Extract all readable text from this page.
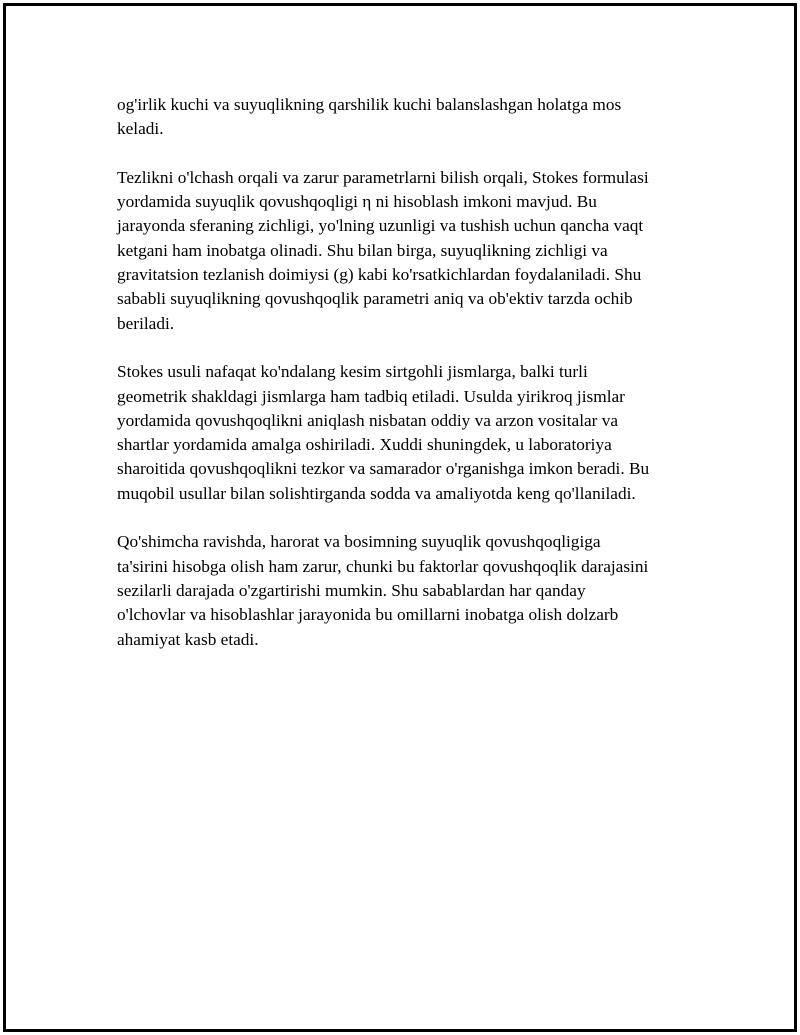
og'irlik kuchi va suyuqlikning qarshilik kuchi balanslashgan holatga mos
keladi.

Tezlikni o'lchash orqali va zarur parametrlarni bilish orqali, Stokes formulasi
yordamida suyuqlik qovushqoqligi η ni hisoblash imkoni mavjud. Bu
jarayonda sferaning zichligi, yo'lning uzunligi va tushish uchun qancha vaqt
ketgani ham inobatga olinadi. Shu bilan birga, suyuqlikning zichligi va
gravitatsion tezlanish doimiysi (g) kabi ko'rsatkichlardan foydalaniladi. Shu
sababli suyuqlikning qovushqoqlik parametri aniq va ob'ektiv tarzda ochib
beriladi.

Stokes usuli nafaqat ko'ndalang kesim sirtgohli jismlarga, balki turli
geometrik shakldagi jismlarga ham tadbiq etiladi. Usulda yirikroq jismlar
yordamida qovushqoqlikni aniqlash nisbatan oddiy va arzon vositalar va
shartlar yordamida amalga oshiriladi. Xuddi shuningdek, u laboratoriya
sharoitida qovushqoqlikni tezkor va samarador o'rganishga imkon beradi. Bu
muqobil usullar bilan solishtirganda sodda va amaliyotda keng qo'llaniladi.

Qo'shimcha ravishda, harorat va bosimning suyuqlik qovushqoqligiga
ta'sirini hisobga olish ham zarur, chunki bu faktorlar qovushqoqlik darajasini
sezilarli darajada o'zgartirishi mumkin. Shu sabablardan har qanday
o'lchovlar va hisoblashlar jarayonida bu omillarni inobatga olish dolzarb
ahamiyat kasb etadi.
